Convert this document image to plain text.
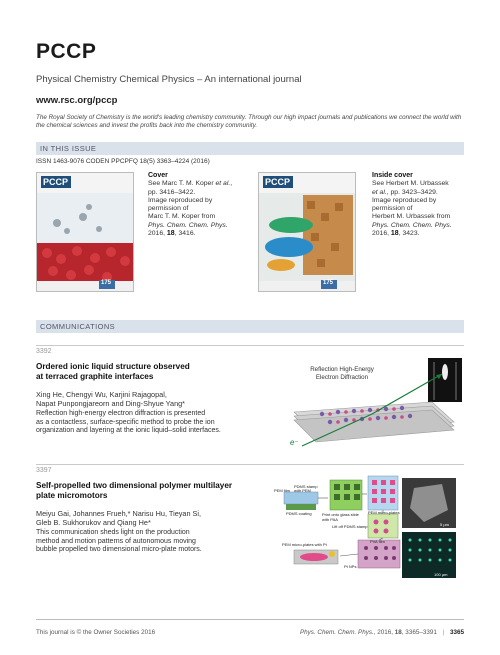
PCCP
Physical Chemistry Chemical Physics – An international journal
www.rsc.org/pccp
The Royal Society of Chemistry is the world's leading chemistry community. Through our high impact journals and publications we connect the world with the chemical sciences and invest the profits back into the chemistry community.
IN THIS ISSUE
ISSN 1463-9076 CODEN PPCPFQ 18(5) 3363–4224 (2016)
PCCP
175
Cover
See Marc T. M. Koper et al.,
pp. 3416–3422.
Image reproduced by
permission of
Marc T. M. Koper from
Phys. Chem. Chem. Phys.
2016, 18, 3416.
PCCP
175
Inside cover
See Herbert M. Urbassek
et al., pp. 3423–3429.
Image reproduced by
permission of
Herbert M. Urbassek from
Phys. Chem. Chem. Phys.
2016, 18, 3423.
COMMUNICATIONS
3392
Ordered ionic liquid structure observed
at terraced graphite interfaces
Xing He, Chengyi Wu, Karjini Rajagopal,
Napat Punpongjareorn and Ding-Shyue Yang*
Reflection high-energy electron diffraction is presented
as a contactless, surface-specific method to probe the ion
organization and layering at the ionic liquid–solid interfaces.
Reflection High-Energy
Electron Diffraction
e⁻
3397
Self-propelled two dimensional polymer multilayer
plate micromotors
Meiyu Gai, Johannes Frueh,* Narisu Hu, Tieyan Si,
Gleb B. Sukhorukov and Qiang He*
This communication sheds light on the production
method and motion patterns of autonomous moving
bubble propelled two dimensional micro-plate motors.
PEM film
PDMS stamp
with PEM
PDMS coating	Print onto glass slide with PAA
Lift off PDMS stamp
PEM micro-plates
PVA film
PEM micro-plates with Pt
Pt NPs
5 µm
100 µm
This journal is © the Owner Societies 2016	Phys. Chem. Chem. Phys., 2016, 18, 3365–3391 | 3365
